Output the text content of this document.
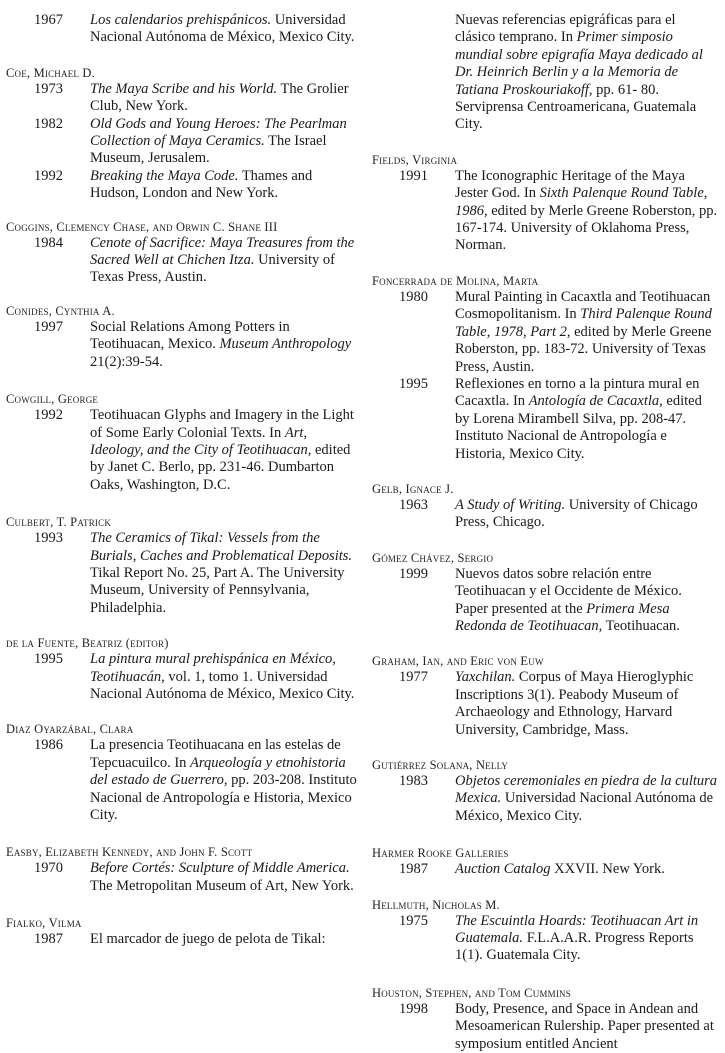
1967	Los calendarios prehispánicos. Universidad Nacional Autónoma de México, Mexico City.
Coe, Michael D.
1973	The Maya Scribe and his World. The Grolier Club, New York.
1982	Old Gods and Young Heroes: The Pearlman Collection of Maya Ceramics. The Israel Museum, Jerusalem.
1992	Breaking the Maya Code. Thames and Hudson, London and New York.
Coggins, Clemency Chase, and Orwin C. Shane III
1984	Cenote of Sacrifice: Maya Treasures from the Sacred Well at Chichen Itza. University of Texas Press, Austin.
Conides, Cynthia A.
1997	Social Relations Among Potters in Teotihuacan, Mexico. Museum Anthropology 21(2):39-54.
Cowgill, George
1992	Teotihuacan Glyphs and Imagery in the Light of Some Early Colonial Texts. In Art, Ideology, and the City of Teotihuacan, edited by Janet C. Berlo, pp. 231-46. Dumbarton Oaks, Washington, D.C.
Culbert, T. Patrick
1993	The Ceramics of Tikal: Vessels from the Burials, Caches and Problematical Deposits. Tikal Report No. 25, Part A. The University Museum, University of Pennsylvania, Philadelphia.
de la Fuente, Beatriz (editor)
1995	La pintura mural prehispánica en México, Teotihuacán, vol. 1, tomo 1. Universidad Nacional Autónoma de México, Mexico City.
Diaz Oyarzábal, Clara
1986	La presencia Teotihuacana en las estelas de Tepcuacuilco. In Arqueología y etnohistoria del estado de Guerrero, pp. 203-208. Instituto Nacional de Antropología e Historia, Mexico City.
Easby, Elizabeth Kennedy, and John F. Scott
1970	Before Cortés: Sculpture of Middle America. The Metropolitan Museum of Art, New York.
Fialko, Vilma
1987	El marcador de juego de pelota de Tikal:
Nuevas referencias epigráficas para el clásico temprano. In Primer simposio mundial sobre epigrafía Maya dedicado al Dr. Heinrich Berlin y a la Memoria de Tatiana Proskouriakoff, pp. 61- 80. Serviprensa Centroamericana, Guatemala City.
Fields, Virginia
1991	The Iconographic Heritage of the Maya Jester God. In Sixth Palenque Round Table, 1986, edited by Merle Greene Roberston, pp. 167-174. University of Oklahoma Press, Norman.
Foncerrada de Molina, Marta
1980	Mural Painting in Cacaxtla and Teotihuacan Cosmopolitanism. In Third Palenque Round Table, 1978, Part 2, edited by Merle Greene Roberston, pp. 183-72. University of Texas Press, Austin.
1995	Reflexiones en torno a la pintura mural en Cacaxtla. In Antología de Cacaxtla, edited by Lorena Mirambell Silva, pp. 208-47. Instituto Nacional de Antropología e Historia, Mexico City.
Gelb, Ignace J.
1963	A Study of Writing. University of Chicago Press, Chicago.
Gómez Chávez, Sergio
1999	Nuevos datos sobre relación entre Teotihuacan y el Occidente de México. Paper presented at the Primera Mesa Redonda de Teotihuacan, Teotihuacan.
Graham, Ian, and Eric von Euw
1977	Yaxchilan. Corpus of Maya Hieroglyphic Inscriptions 3(1). Peabody Museum of Archaeology and Ethnology, Harvard University, Cambridge, Mass.
Gutiérrez Solana, Nelly
1983	Objetos ceremoniales en piedra de la cultura Mexica. Universidad Nacional Autónoma de México, Mexico City.
Harmer Rooke Galleries
1987	Auction Catalog XXVII. New York.
Hellmuth, Nicholas M.
1975	The Escuintla Hoards: Teotihuacan Art in Guatemala. F.L.A.A.R. Progress Reports 1(1). Guatemala City.
Houston, Stephen, and Tom Cummins
1998	Body, Presence, and Space in Andean and Mesoamerican Rulership. Paper presented at symposium entitled Ancient
